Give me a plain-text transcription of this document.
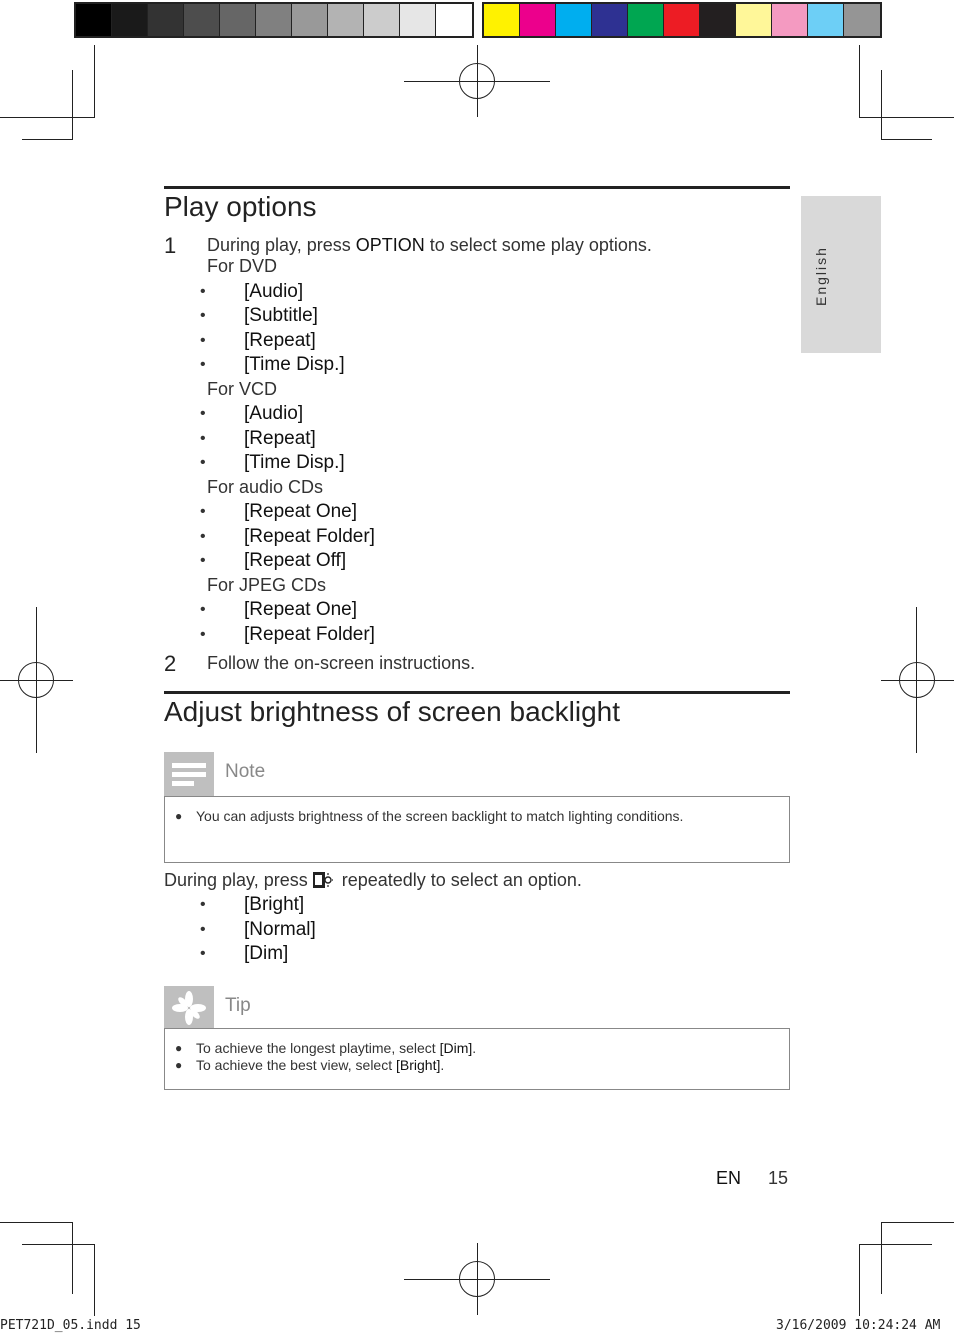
English
Play options
1 During play, press OPTION to select some play options.
For DVD
• [Audio]
• [Subtitle]
• [Repeat]
• [Time Disp.]
For VCD
• [Audio]
• [Repeat]
• [Time Disp.]
For audio CDs
• [Repeat One]
• [Repeat Folder]
• [Repeat Off]
For JPEG CDs
• [Repeat One]
• [Repeat Folder]
2 Follow the on-screen instructions.
Adjust brightness of screen backlight
Note
● You can adjusts brightness of the screen backlight to match lighting conditions.
During play, press  repeatedly to select an option.
• [Bright]
• [Normal]
• [Dim]
Tip
● To achieve the longest playtime, select [Dim].
● To achieve the best view, select [Bright].
EN 15
PET721D_05.indd 15	3/16/2009 10:24:24 AM
